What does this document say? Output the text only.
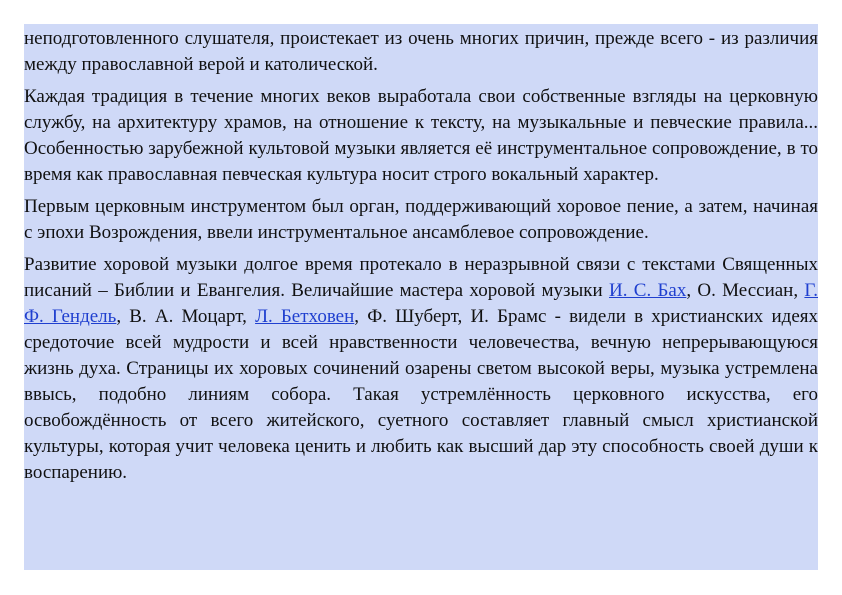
неподготовленного слушателя, проистекает из очень многих причин, прежде всего - из различия между православной верой и католической.

Каждая традиция в течение многих веков выработала свои собственные взгляды на церковную службу, на архитектуру храмов, на отношение к тексту, на музыкальные и певческие правила... Особенностью зарубежной культовой музыки является её инструментальное сопровождение, в то время как православная певческая культура носит строго вокальный характер.

Первым церковным инструментом был орган, поддерживающий хоровое пение, а затем, начиная с эпохи Возрождения, ввели инструментальное ансамблевое сопровождение.

Развитие хоровой музыки долгое время протекало в неразрывной связи с текстами Священных писаний – Библии и Евангелия. Величайшие мастера хоровой музыки И. С. Бах, О. Мессиан, Г. Ф. Гендель, В. А. Моцарт, Л. Бетховен, Ф. Шуберт, И. Брамс - видели в христианских идеях средоточие всей мудрости и всей нравственности человечества, вечную непрерывающуюся жизнь духа. Страницы их хоровых сочинений озарены светом высокой веры, музыка устремлена ввысь, подобно линиям собора. Такая устремлённость церковного искусства, его освобождённость от всего житейского, суетного составляет главный смысл христианской культуры, которая учит человека ценить и любить как высший дар эту способность своей души к воспарению.
